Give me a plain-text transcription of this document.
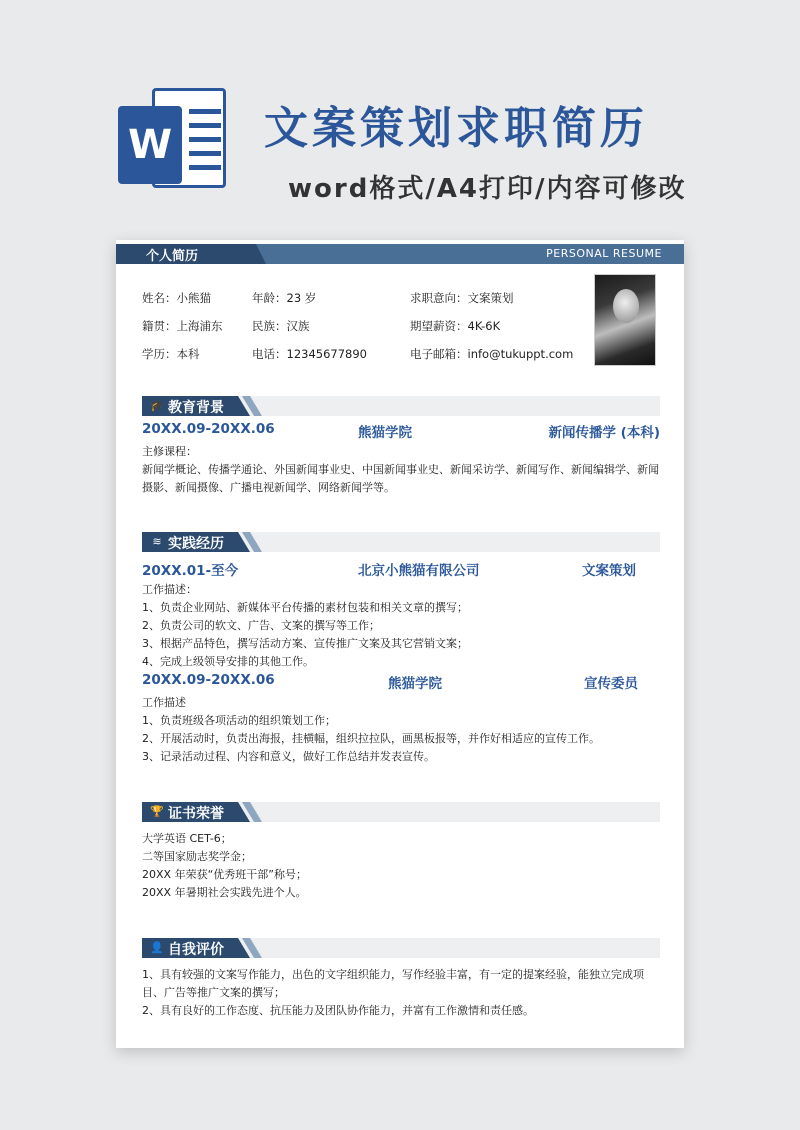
W 文案策划求职简历
word格式/A4打印/内容可修改
个人简历	PERSONAL RESUME
姓名：小熊猫	年龄：23 岁	求职意向：文案策划
籍贯：上海浦东	民族：汉族	期望薪资：4K-6K
学历：本科	电话：12345677890	电子邮箱：info@tukuppt.com
🎓 教育背景
20XX.09-20XX.06	熊猫学院	新闻传播学 (本科)

主修课程：

新闻学概论、传播学通论、外国新闻事业史、中国新闻事业史、新闻采访学、新闻写作、新闻编辑学、新闻摄影、新闻摄像、广播电视新闻学、网络新闻学等。

≋ 实践经历
20XX.01-至今	北京小熊猫有限公司	文案策划

工作描述：

1、负责企业网站、新媒体平台传播的素材包装和相关文章的撰写；

2、负责公司的软文、广告、文案的撰写等工作；

3、根据产品特色，撰写活动方案、宣传推广文案及其它营销文案；

4、完成上级领导安排的其他工作。

20XX.09-20XX.06	熊猫学院	宣传委员

工作描述

1、负责班级各项活动的组织策划工作；

2、开展活动时，负责出海报，挂横幅，组织拉拉队，画黑板报等，并作好相适应的宣传工作。

3、记录活动过程、内容和意义，做好工作总结并发表宣传。

🏆 证书荣誉

大学英语 CET-6；

二等国家励志奖学金；

20XX 年荣获“优秀班干部”称号；

20XX 年暑期社会实践先进个人。

👤 自我评价

1、具有较强的文案写作能力，出色的文字组织能力，写作经验丰富，有一定的提案经验，能独立完成项目、广告等推广文案的撰写；

2、具有良好的工作态度、抗压能力及团队协作能力，并富有工作激情和责任感。
